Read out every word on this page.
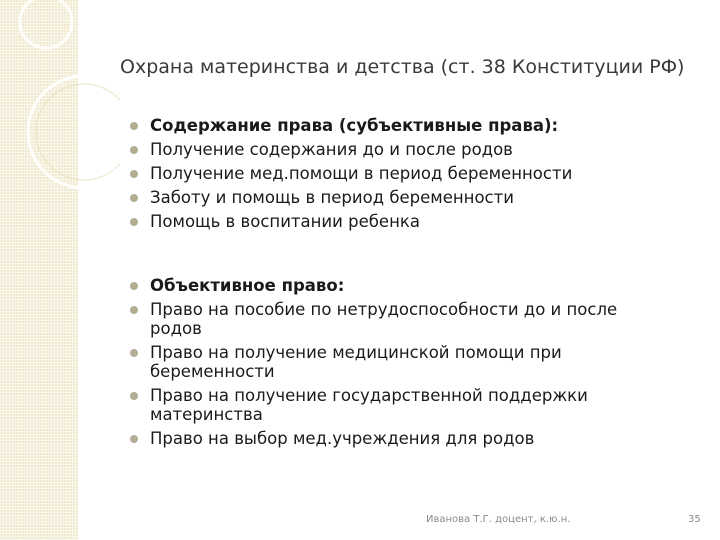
Охрана материнства и детства (ст. 38 Конституции РФ)
Содержание права (субъективные права):
Получение содержания до и после родов
Получение мед.помощи в период беременности
Заботу и помощь в период беременности
Помощь в воспитании ребенка
Объективное право:
Право на пособие по нетрудоспособности до и после родов
Право на получение медицинской помощи при беременности
Право на получение государственной поддержки материнства
Право на выбор мед.учреждения для родов
Иванова Т.Г. доцент, к.ю.н.	35
